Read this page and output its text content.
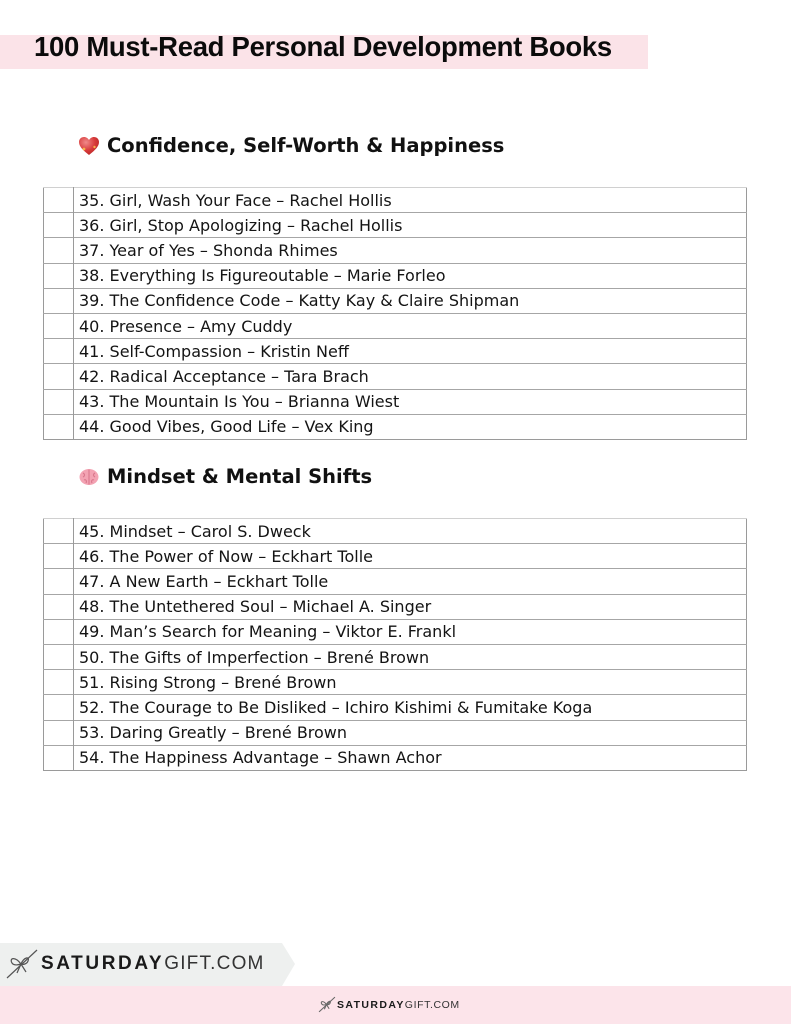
100 Must-Read Personal Development Books
Confidence, Self-Worth & Happiness
	35. Girl, Wash Your Face – Rachel Hollis
	36. Girl, Stop Apologizing – Rachel Hollis
	37. Year of Yes – Shonda Rhimes
	38. Everything Is Figureoutable – Marie Forleo
	39. The Confidence Code – Katty Kay & Claire Shipman
	40. Presence – Amy Cuddy
	41. Self-Compassion – Kristin Neff
	42. Radical Acceptance – Tara Brach
	43. The Mountain Is You – Brianna Wiest
	44. Good Vibes, Good Life – Vex King
Mindset & Mental Shifts
	45. Mindset – Carol S. Dweck
	46. The Power of Now – Eckhart Tolle
	47. A New Earth – Eckhart Tolle
	48. The Untethered Soul – Michael A. Singer
	49. Man’s Search for Meaning – Viktor E. Frankl
	50. The Gifts of Imperfection – Brené Brown
	51. Rising Strong – Brené Brown
	52. The Courage to Be Disliked – Ichiro Kishimi & Fumitake Koga
	53. Daring Greatly – Brené Brown
	54. The Happiness Advantage – Shawn Achor
SATURDAY GIFT.COM
SATURDAY GIFT.COM
